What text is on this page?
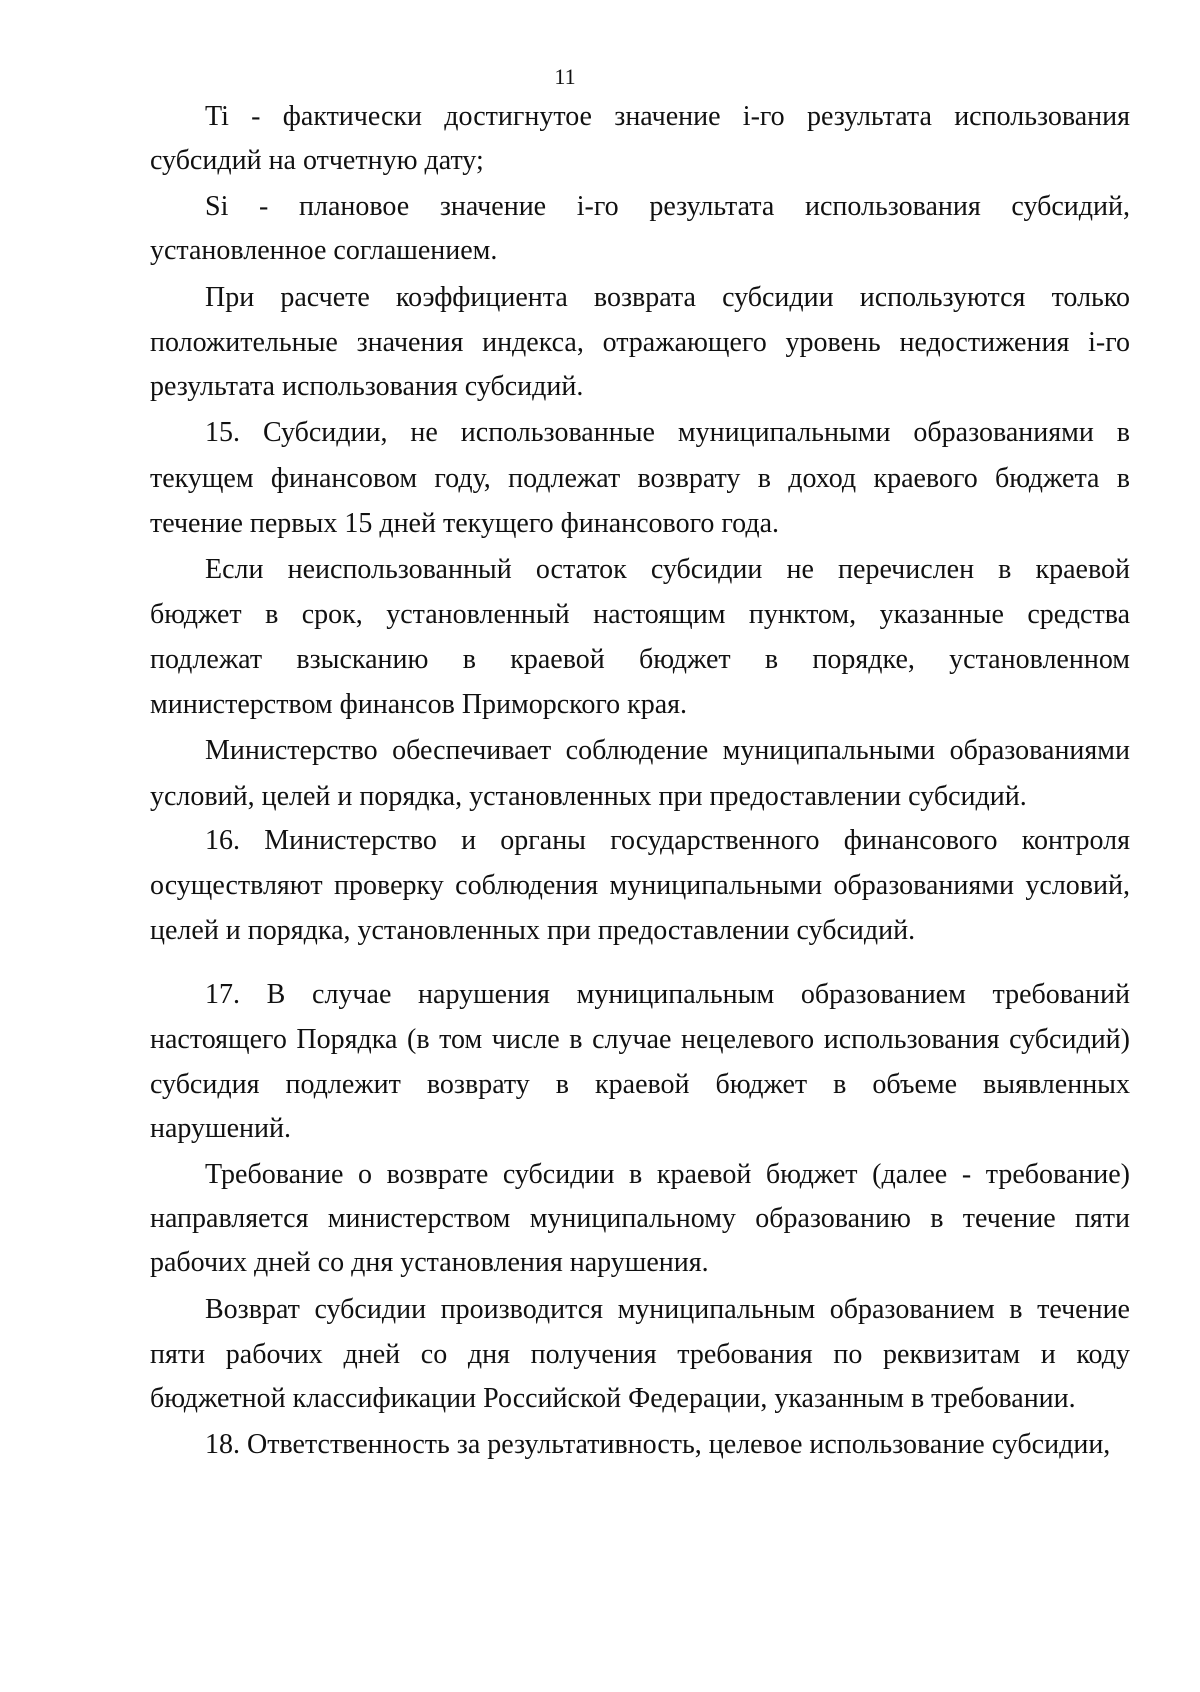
11
Ti - фактически достигнутое значение i-го результата использования
субсидий на отчетную дату;
Si - плановое значение i-го результата использования субсидий,
установленное соглашением.
При расчете коэффициента возврата субсидии используются только
положительные значения индекса, отражающего уровень недостижения i-го
результата использования субсидий.
15. Субсидии, не использованные муниципальными образованиями в
текущем финансовом году, подлежат возврату в доход краевого бюджета в
течение первых 15 дней текущего финансового года.
Если неиспользованный остаток субсидии не перечислен в краевой
бюджет в срок, установленный настоящим пунктом, указанные средства
подлежат взысканию в краевой бюджет в порядке, установленном
министерством финансов Приморского края.
Министерство обеспечивает соблюдение муниципальными образованиями
условий, целей и порядка, установленных при предоставлении субсидий.
16. Министерство и органы государственного финансового контроля
осуществляют проверку соблюдения муниципальными образованиями условий,
целей и порядка, установленных при предоставлении субсидий.
17. В случае нарушения муниципальным образованием требований
настоящего Порядка (в том числе в случае нецелевого использования субсидий)
субсидия подлежит возврату в краевой бюджет в объеме выявленных
нарушений.
Требование о возврате субсидии в краевой бюджет (далее - требование)
направляется министерством муниципальному образованию в течение пяти
рабочих дней со дня установления нарушения.
Возврат субсидии производится муниципальным образованием в течение
пяти рабочих дней со дня получения требования по реквизитам и коду
бюджетной классификации Российской Федерации, указанным в требовании.
18. Ответственность за результативность, целевое использование субсидии,
